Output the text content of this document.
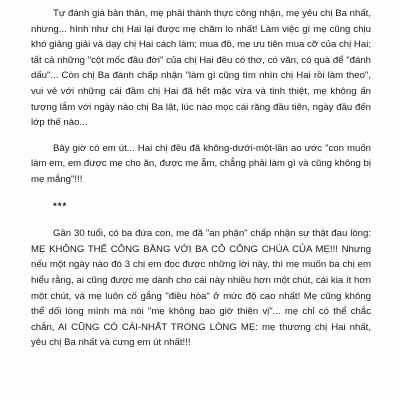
Tự đánh giá bản thân, mẹ phải thành thực công nhận, mẹ yêu chị Ba nhất, nhưng... hình như chị Hai lại được mẹ chăm lo nhất! Làm việc gì mẹ cũng chịu khó giảng giải và dạy chị Hai cách làm; mua đồ, mẹ ưu tiên mua cỡ của chị Hai; tất cả những "cột mốc đầu đời" của chị Hai đều có thơ, có văn, có quà để "đánh dấu"... Còn chị Ba đành chấp nhận "làm gì cũng tìm nhìn chị Hai rồi làm theo", vui vẻ với những cái đầm chị Hai đã hết mặc vừa và tinh thiệt, mẹ không ấn tượng lắm với ngày nào chị Ba lật, lúc nào mọc cái răng đầu tiên, ngày đầu đến lớp thế nào...

Bây giờ có em út... Hai chị đều đã không-dưới-một-lần ao ước "con muốn làm em, em được mẹ cho ăn, được mẹ ẵm, chẳng phải làm gì và cũng không bị mẹ mắng"!!!

***

Gần 30 tuổi, có ba đứa con, mẹ đã "an phận" chấp nhận sự thật đau lòng: MẸ KHÔNG THỂ CÔNG BẰNG VỚI BA CÔ CÔNG CHÚA CỦA MẸ!!! Nhưng nếu một ngày nào đó 3 chị em đọc được những lời này, thì mẹ muốn ba chị em hiểu rằng, ai cũng được mẹ dành cho cái này nhiều hơn một chút, cái kia ít hơn một chút, và mẹ luôn cố gắng "điều hòa" ở mức độ cao nhất! Mẹ cũng không thể dối lòng mình mà nói "mẹ không bao giờ thiên vị"... mẹ chỉ có thể chắc chắn, AI CŨNG CÓ CÁI-NHẤT TRONG LÒNG MẸ: mẹ thương chị Hai nhất, yêu chị Ba nhất và cưng em út nhất!!!
